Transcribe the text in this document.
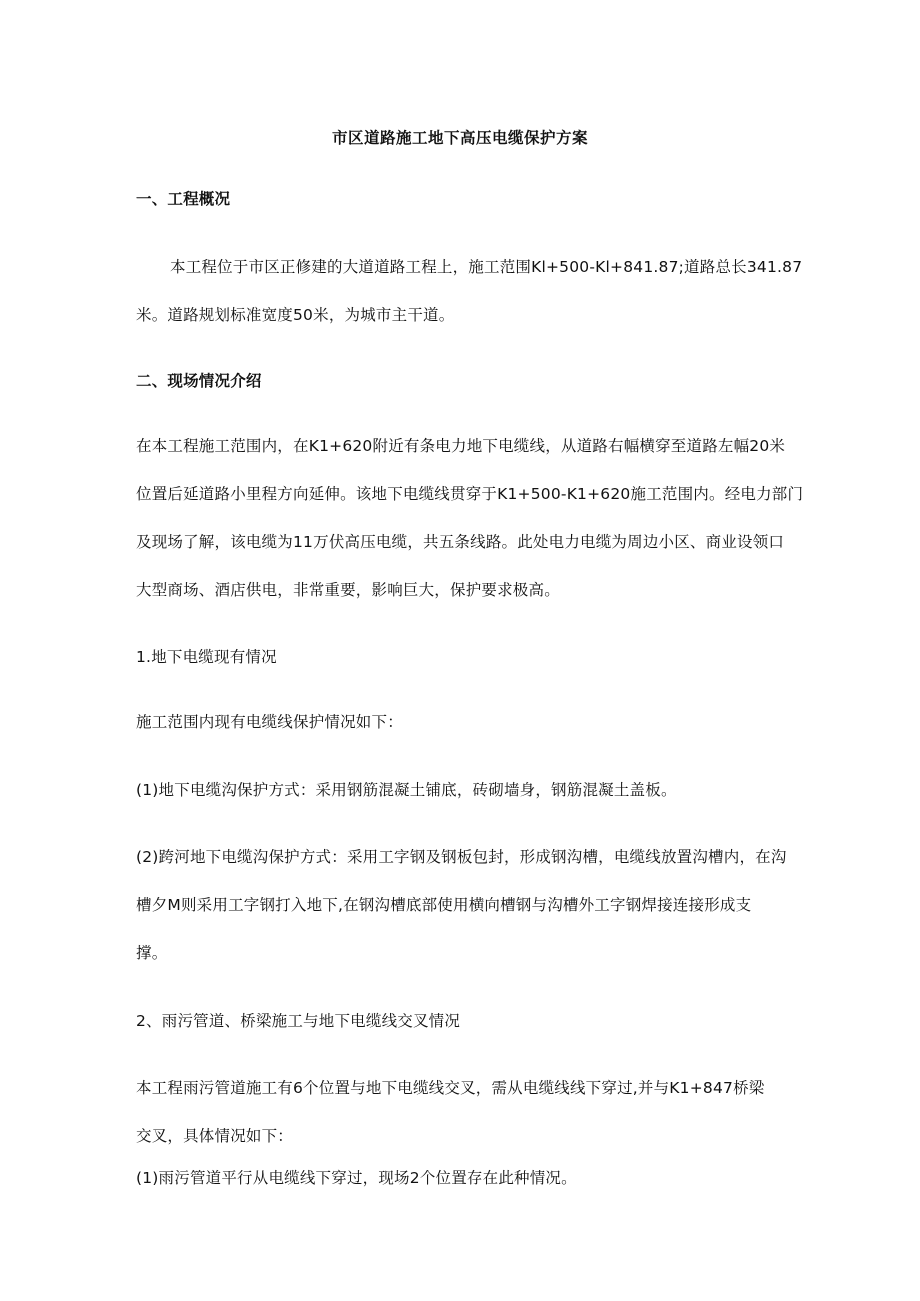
市区道路施工地下高压电缆保护方案
一、工程概况
本工程位于市区正修建的大道道路工程上，施工范围Kl+500-Kl+841.87;道路总长341.87
米。道路规划标准宽度50米，为城市主干道。
二、现场情况介绍
在本工程施工范围内，在K1+620附近有条电力地下电缆线，从道路右幅横穿至道路左幅20米
位置后延道路小里程方向延伸。该地下电缆线贯穿于K1+500-K1+620施工范围内。经电力部门
及现场了解，该电缆为11万伏高压电缆，共五条线路。此处电力电缆为周边小区、商业设领口
大型商场、酒店供电，非常重要，影响巨大，保护要求极高。
1.地下电缆现有情况
施工范围内现有电缆线保护情况如下：
(1)地下电缆沟保护方式：采用钢筋混凝土铺底，砖砌墙身，钢筋混凝土盖板。
(2)跨河地下电缆沟保护方式：采用工字钢及钢板包封，形成钢沟槽，电缆线放置沟槽内，在沟
槽夕M则采用工字钢打入地下,在钢沟槽底部使用横向槽钢与沟槽外工字钢焊接连接形成支
撑。
2、雨污管道、桥梁施工与地下电缆线交叉情况
本工程雨污管道施工有6个位置与地下电缆线交叉，需从电缆线线下穿过,并与K1+847桥梁
交叉，具体情况如下：
(1)雨污管道平行从电缆线下穿过，现场2个位置存在此种情况。
